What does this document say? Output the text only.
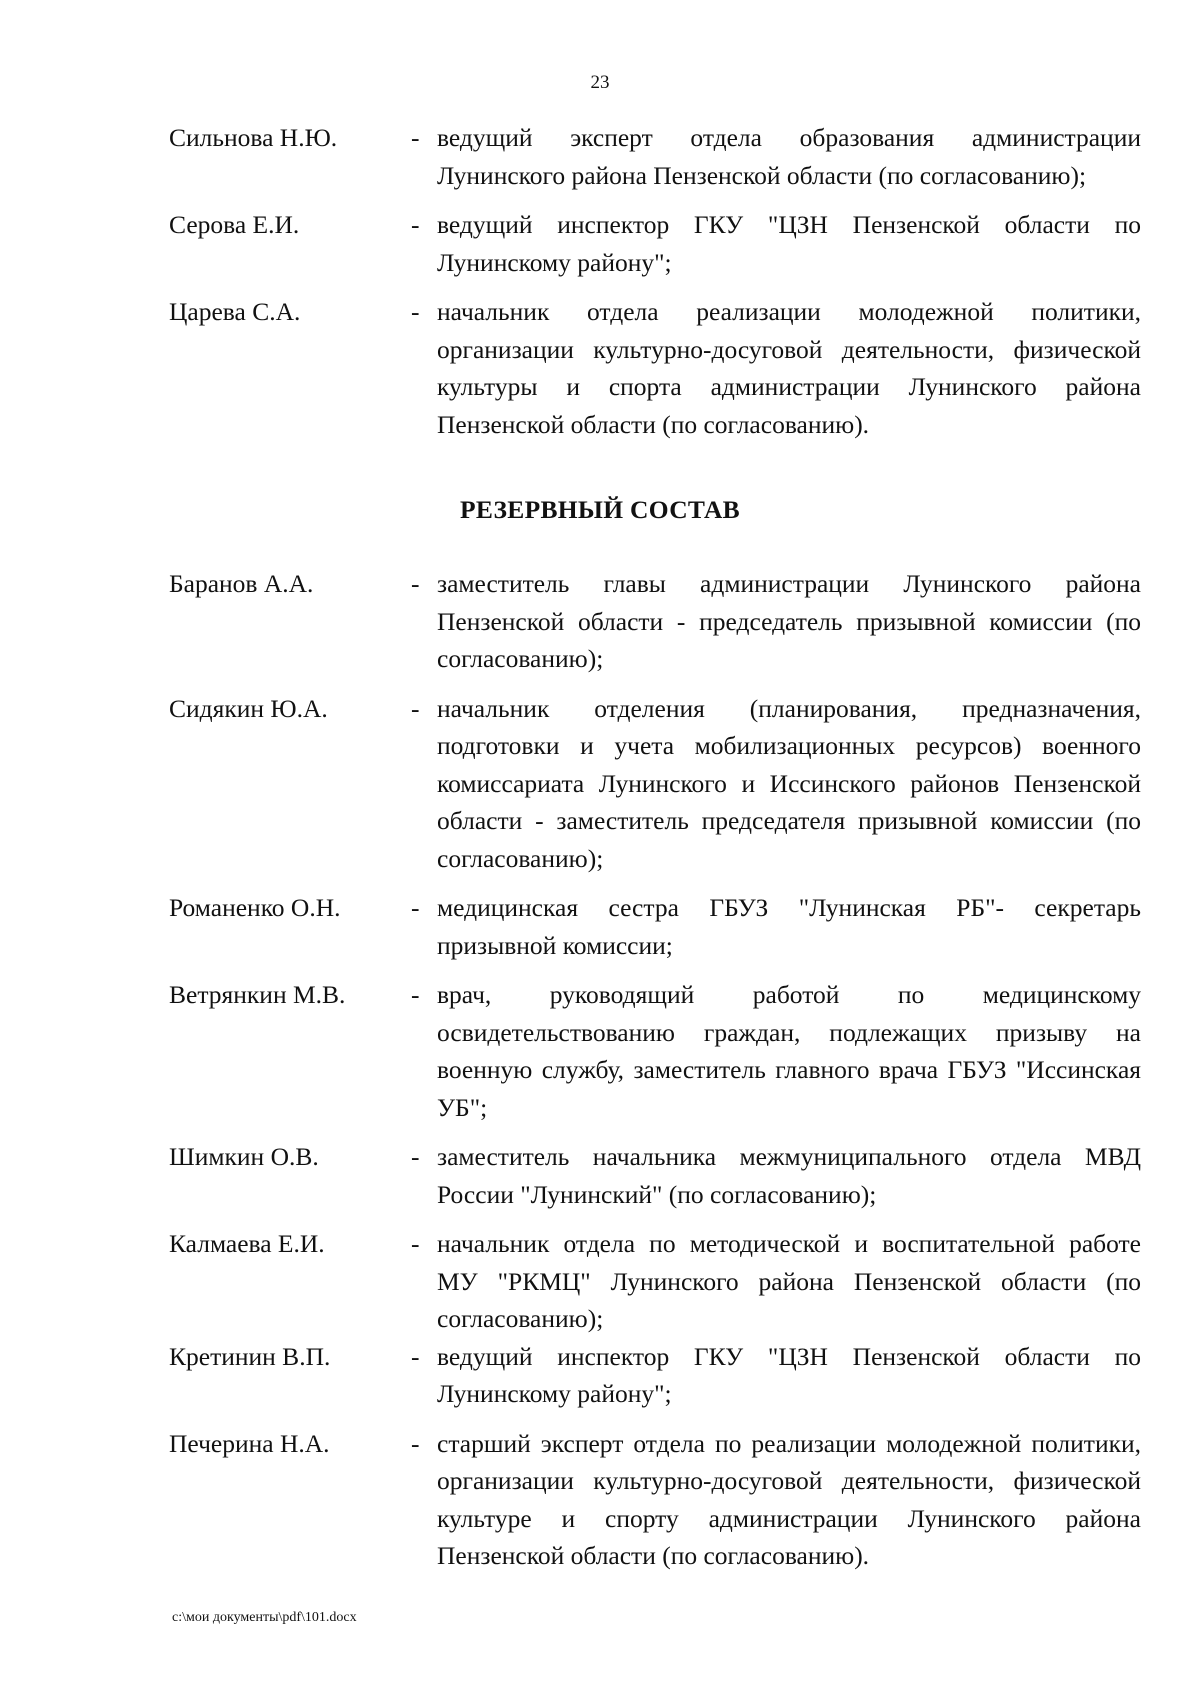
23
Сильнова Н.Ю.	- ведущий эксперт отдела образования администрации Лунинского района Пензенской области (по согласованию);
Серова Е.И.	- ведущий инспектор ГКУ "ЦЗН Пензенской области по Лунинскому району";
Царева С.А.	- начальник отдела реализации молодежной политики, организации культурно-досуговой деятельности, физической культуры и спорта администрации Лунинского района Пензенской области (по согласованию).
РЕЗЕРВНЫЙ СОСТАВ
Баранов А.А.	- заместитель главы администрации Лунинского района Пензенской области - председатель призывной комиссии (по согласованию);
Сидякин Ю.А.	- начальник отделения (планирования, предназначения, подготовки и учета мобилизационных ресурсов) военного комиссариата Лунинского и Иссинского районов Пензенской области - заместитель председателя призывной комиссии (по согласованию);
Романенко О.Н.	- медицинская сестра ГБУЗ "Лунинская РБ"- секретарь призывной комиссии;
Ветрянкин М.В.	- врач, руководящий работой по медицинскому освидетельствованию граждан, подлежащих призыву на военную службу, заместитель главного врача ГБУЗ "Иссинская УБ";
Шимкин О.В.	- заместитель начальника межмуниципального отдела МВД России "Лунинский" (по согласованию);
Калмаева Е.И.	- начальник отдела по методической и воспитательной работе МУ "РКМЦ" Лунинского района Пензенской области (по согласованию);
Кретинин В.П.	- ведущий инспектор ГКУ "ЦЗН Пензенской области по Лунинскому району";
Печерина Н.А.	- старший эксперт отдела по реализации молодежной политики, организации культурно-досуговой деятельности, физической культуре и спорту администрации Лунинского района Пензенской области (по согласованию).
c:\мои документы\pdf\101.docx
